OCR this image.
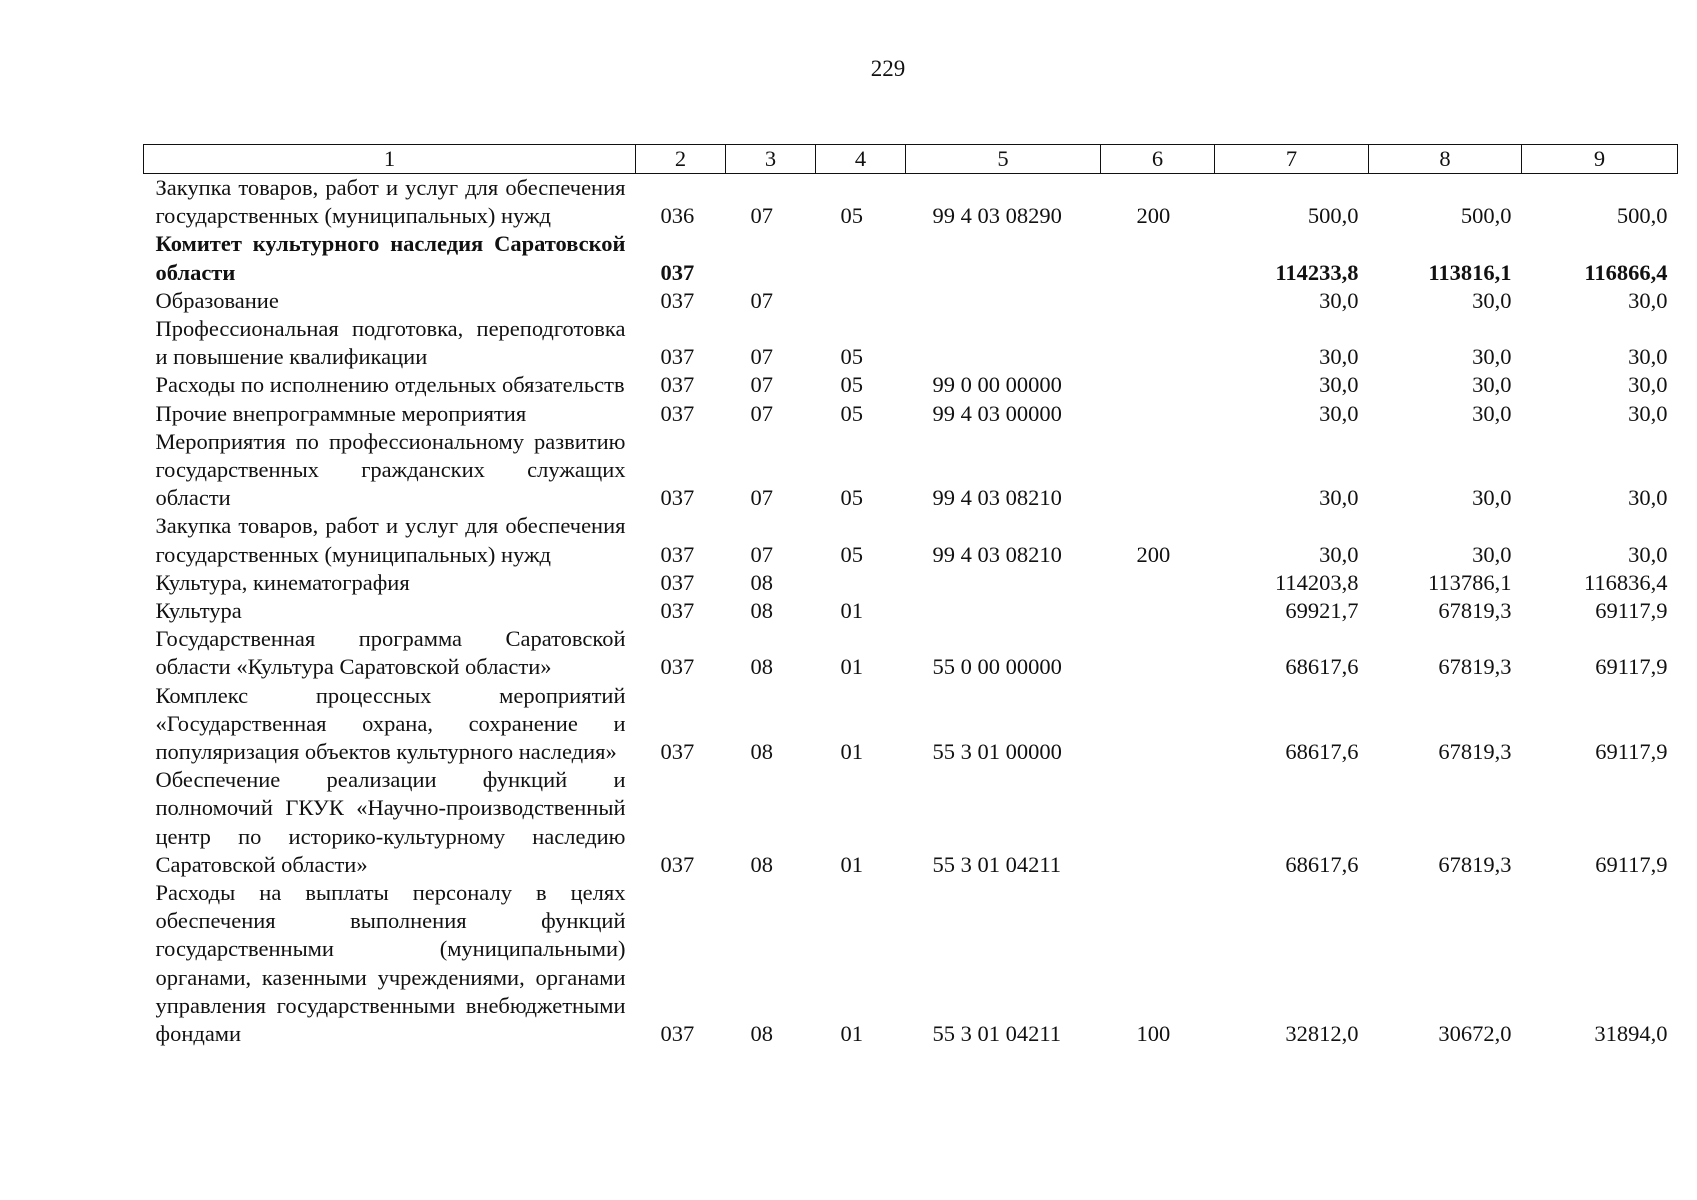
229
1	2	3	4	5	6	7	8	9
Закупка товаров, работ и услуг для обеспечения государственных (муниципальных) нужд	036	07	05	99 4 03 08290	200	500,0	500,0	500,0
Комитет культурного наследия Саратовской области	037					114233,8	113816,1	116866,4
Образование	037	07				30,0	30,0	30,0
Профессиональная подготовка, переподготовка и повышение квалификации	037	07	05			30,0	30,0	30,0
Расходы по исполнению отдельных обязательств	037	07	05	99 0 00 00000		30,0	30,0	30,0
Прочие внепрограммные мероприятия	037	07	05	99 4 03 00000		30,0	30,0	30,0
Мероприятия по профессиональному развитию государственных гражданских служащих области	037	07	05	99 4 03 08210		30,0	30,0	30,0
Закупка товаров, работ и услуг для обеспечения государственных (муниципальных) нужд	037	07	05	99 4 03 08210	200	30,0	30,0	30,0
Культура, кинематография	037	08				114203,8	113786,1	116836,4
Культура	037	08	01			69921,7	67819,3	69117,9
Государственная программа Саратовской области «Культура Саратовской области»	037	08	01	55 0 00 00000		68617,6	67819,3	69117,9
Комплекс процессных мероприятий «Государственная охрана, сохранение и популяризация объектов культурного наследия»	037	08	01	55 3 01 00000		68617,6	67819,3	69117,9
Обеспечение реализации функций и полномочий ГКУК «Научно-производственный центр по историко-культурному наследию Саратовской области»	037	08	01	55 3 01 04211		68617,6	67819,3	69117,9
Расходы на выплаты персоналу в целях обеспечения выполнения функций государственными (муниципальными) органами, казенными учреждениями, органами управления государственными внебюджетными фондами	037	08	01	55 3 01 04211	100	32812,0	30672,0	31894,0
